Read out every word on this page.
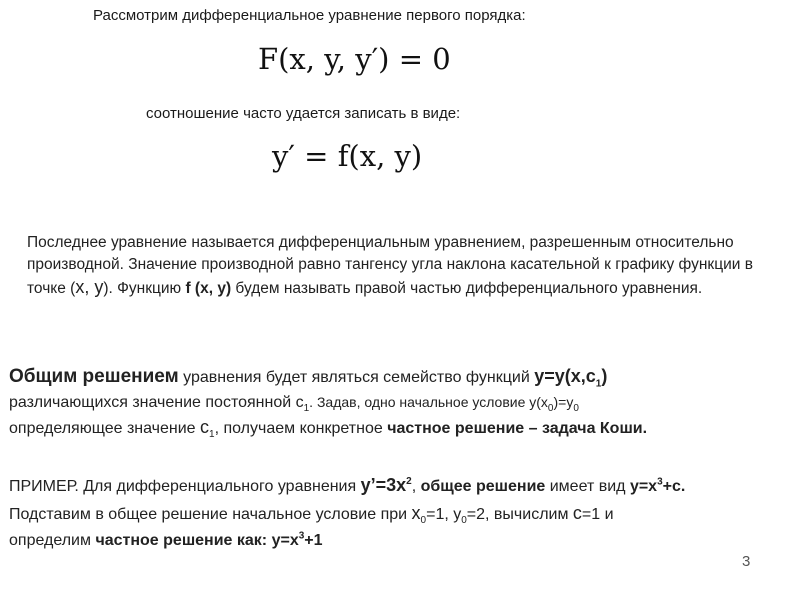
Рассмотрим дифференциальное уравнение первого порядка:
F(x, y, y′) = 0
соотношение часто удается записать в виде:
y′ = f(x, y)
Последнее уравнение называется дифференциальным уравнением, разрешенным относительно производной. Значение производной равно тангенсу угла наклона касательной к графику функции в точке (x, y). Функцию f (x, y) будем называть правой частью дифференциального уравнения.
Общим решением уравнения будет являться семейство функций $y=y(x,c_1)$
различающихся значение постоянной $с_1$. Задав, одно начальное условие $у(х_0)=у_0$
определяющее значение $с_1$, получаем конкретное частное решение – задача Коши.
ПРИМЕР. Для дифференциального уравнения $y’=3x^2$, общее решение имеет вид $y=x^3+c$.
Подставим в общее решение начальное условие при $х_0=1$, $у_0=2$, вычислим с=1 и
определим частное решение как: $y=x^3+1$
3
